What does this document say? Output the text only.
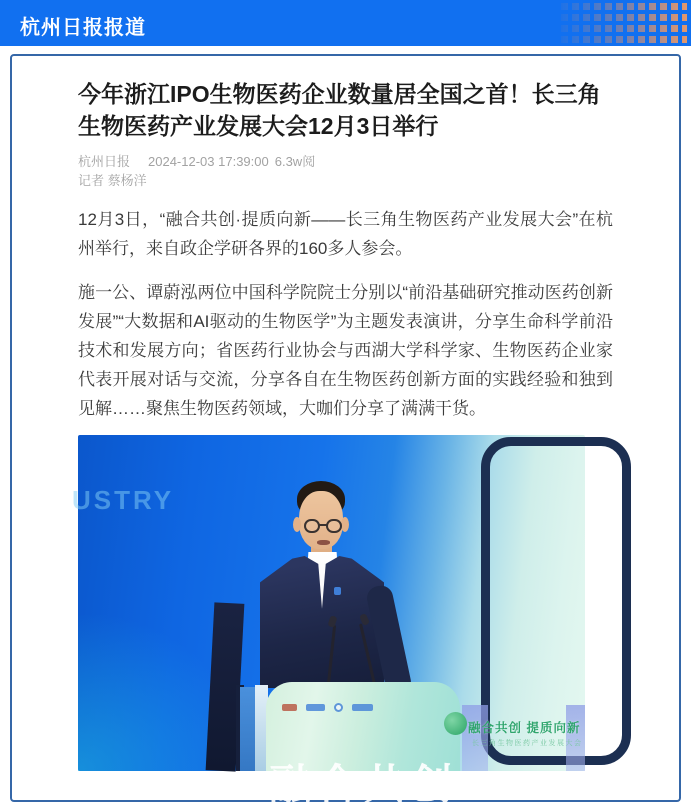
杭州日报报道
今年浙江IPO生物医药企业数量居全国之首！长三角生物医药产业发展大会12月3日举行
杭州日报 2024-12-03 17:39:00 6.3w阅
记者 蔡杨洋

12月3日，“融合共创·提质向新——长三角生物医药产业发展大会”在杭州举行，来自政企学研各界的160多人参会。

施一公、谭蔚泓两位中国科学院院士分别以“前沿基础研究推动医药创新发展”“大数据和AI驱动的生物医学”为主题发表演讲，分享生命科学前沿技术和发展方向；省医药行业协会与西湖大学科学家、生物医药企业家代表开展对话与交流，分享各自在生物医药创新方面的实践经验和独到见解……聚焦生物医药领域，大咖们分享了满满干货。

USTRY
融合共创
融合共创 提质向新
长三角生物医药产业发展大会
